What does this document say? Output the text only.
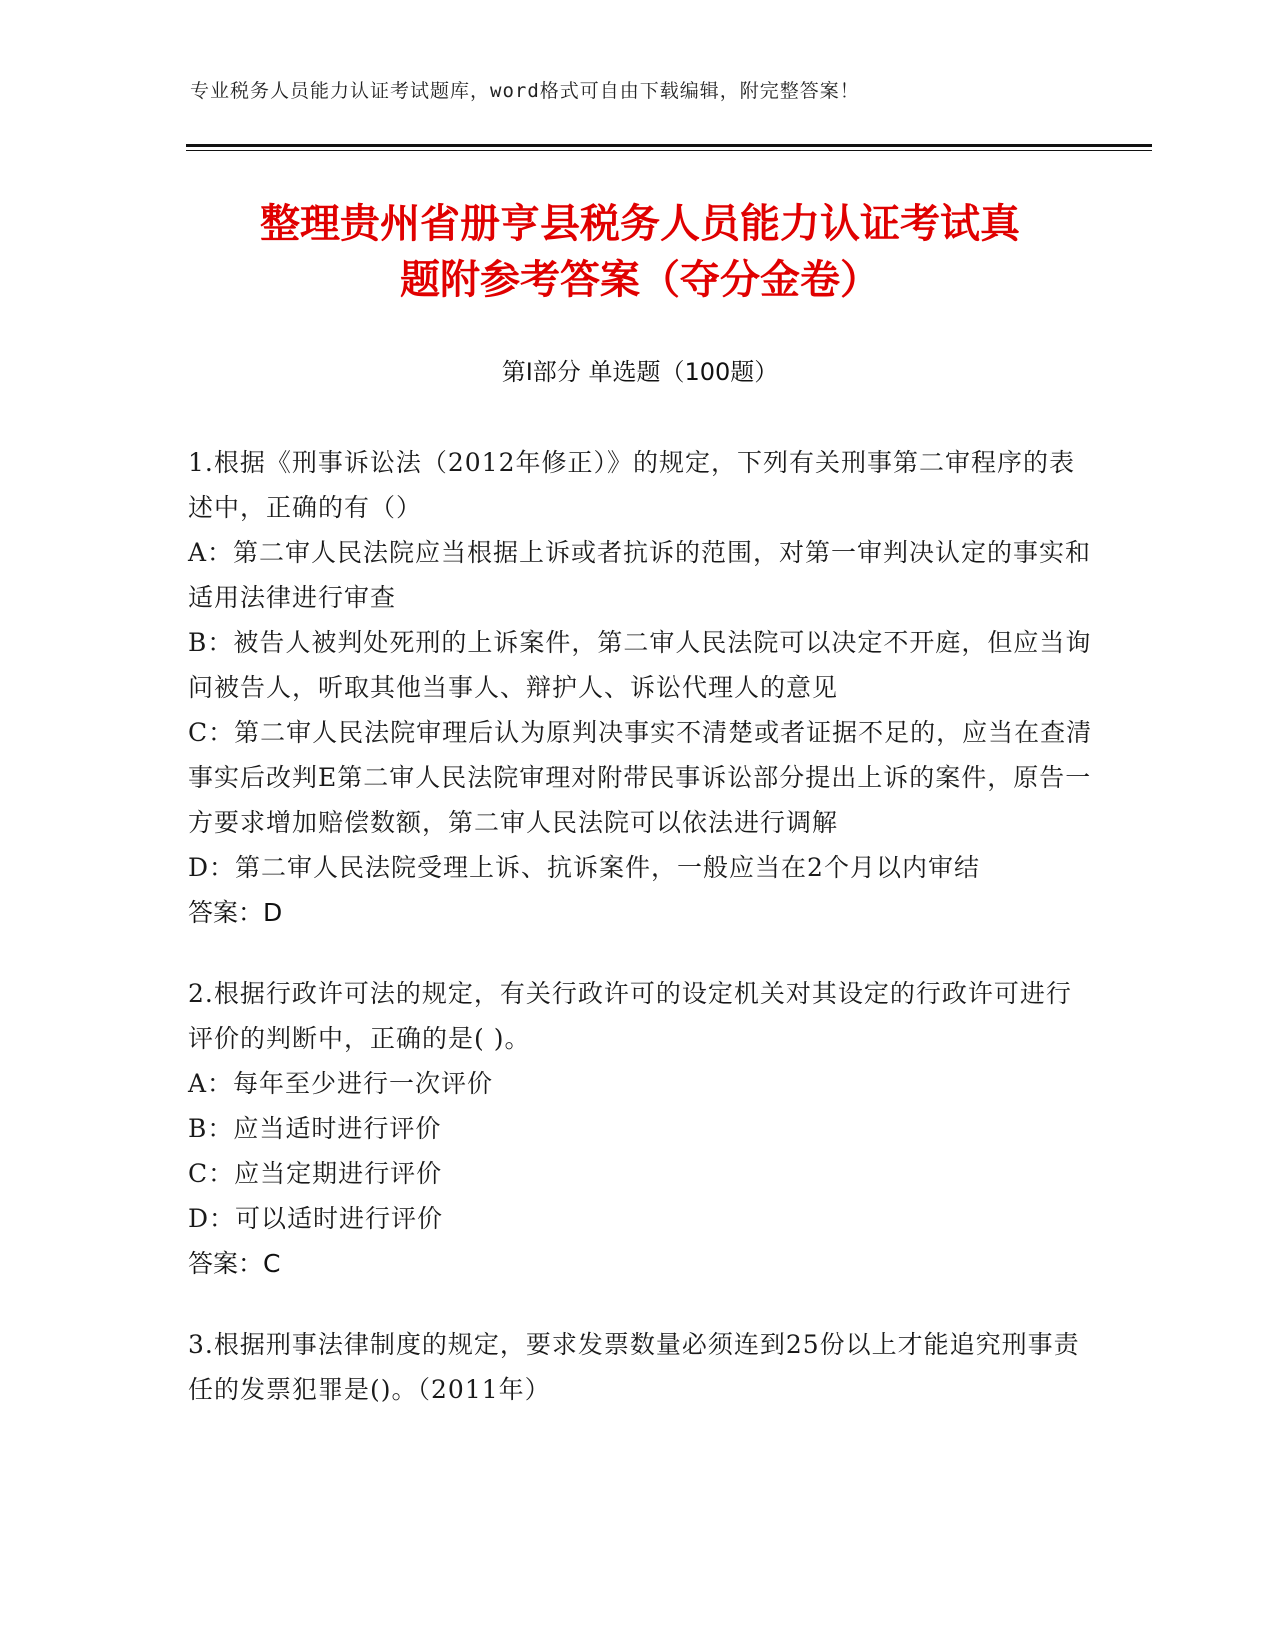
专业税务人员能力认证考试题库，word格式可自由下载编辑，附完整答案！
整理贵州省册亨县税务人员能力认证考试真
题附参考答案（夺分金卷）
第Ⅰ部分 单选题（100题）

1.根据《刑事诉讼法（2012年修正）》的规定，下列有关刑事第二审程序的表述中，正确的有（）

A：第二审人民法院应当根据上诉或者抗诉的范围，对第一审判决认定的事实和适用法律进行审查

B：被告人被判处死刑的上诉案件，第二审人民法院可以决定不开庭，但应当询问被告人，听取其他当事人、辩护人、诉讼代理人的意见

C：第二审人民法院审理后认为原判决事实不清楚或者证据不足的，应当在查清事实后改判E第二审人民法院审理对附带民事诉讼部分提出上诉的案件，原告一方要求增加赔偿数额，第二审人民法院可以依法进行调解

D：第二审人民法院受理上诉、抗诉案件，一般应当在2个月以内审结

答案：D

2.根据行政许可法的规定，有关行政许可的设定机关对其设定的行政许可进行评价的判断中，正确的是( )。

A：每年至少进行一次评价

B：应当适时进行评价

C：应当定期进行评价

D：可以适时进行评价

答案：C

3.根据刑事法律制度的规定，要求发票数量必须连到25份以上才能追究刑事责任的发票犯罪是()。（2011年）
